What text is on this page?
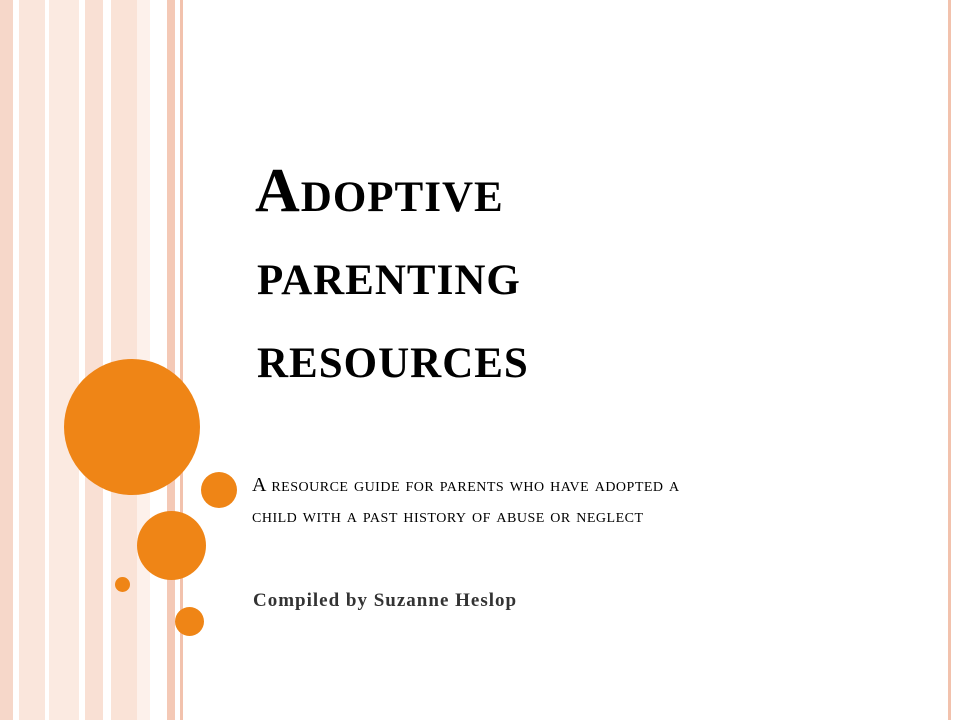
Adoptive
parenting
resources
A resource guide for parents who have adopted a
child with a past history of abuse or neglect
Compiled by Suzanne Heslop
